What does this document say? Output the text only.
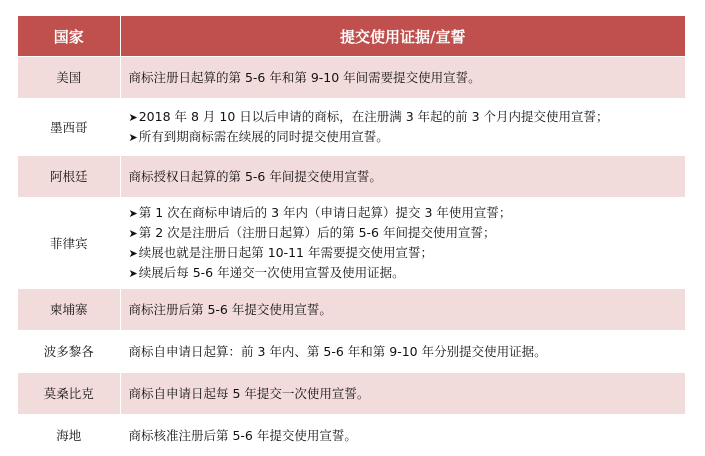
国家	提交使用证据/宣誓
美国	商标注册日起算的第 5-6 年和第 9-10 年间需要提交使用宣誓。

墨西哥	➤ 2018 年 8 月 10 日以后申请的商标，在注册满 3 年起的前 3 个月内提交使用宣誓；
➤ 所有到期商标需在续展的同时提交使用宣誓。

阿根廷	商标授权日起算的第 5-6 年间提交使用宣誓。

菲律宾	➤ 第 1 次在商标申请后的 3 年内（申请日起算）提交 3 年使用宣誓；
➤ 第 2 次是注册后（注册日起算）后的第 5-6 年间提交使用宣誓；
➤ 续展也就是注册日起第 10-11 年需要提交使用宣誓；
➤ 续展后每 5-6 年递交一次使用宣誓及使用证据。

柬埔寨	商标注册后第 5-6 年提交使用宣誓。

波多黎各	商标自申请日起算：前 3 年内、第 5-6 年和第 9-10 年分别提交使用证据。

莫桑比克	商标自申请日起每 5 年提交一次使用宣誓。

海地	商标核准注册后第 5-6 年提交使用宣誓。
